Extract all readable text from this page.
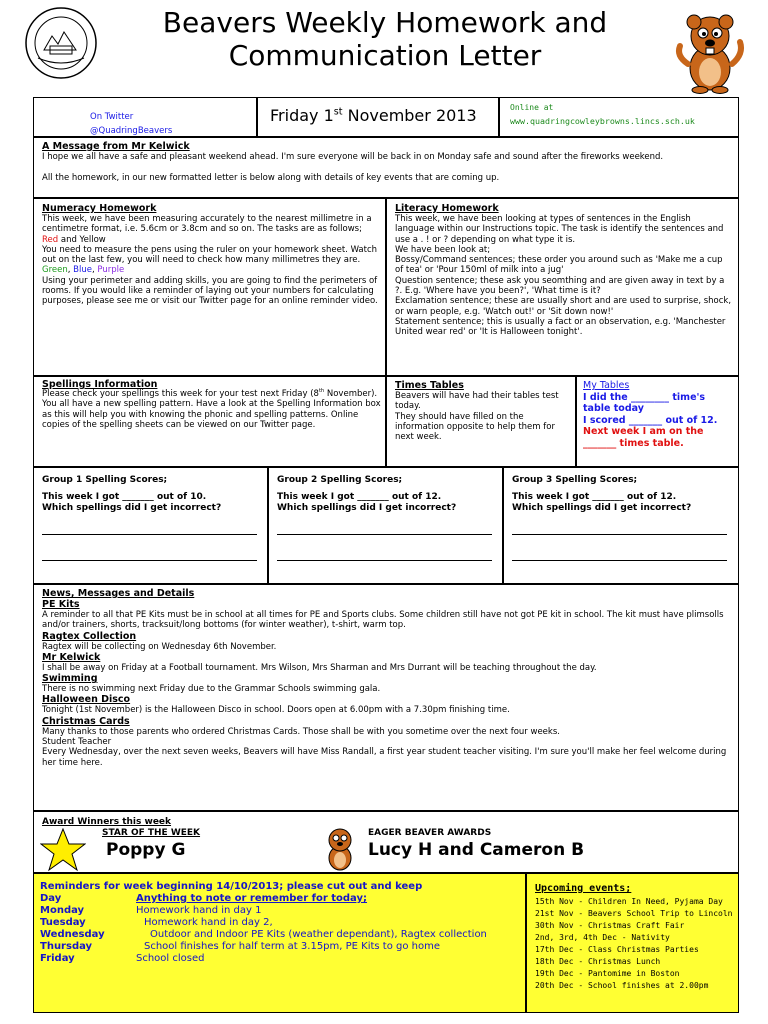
Beavers Weekly Homework and
Communication Letter
On Twitter
@QuadringBeavers
Friday 1st November 2013	Online at
www.quadringcowleybrowns.lincs.sch.uk
A Message from Mr Kelwick
I hope we all have a safe and pleasant weekend ahead. I'm sure everyone will be back in on Monday safe and sound after the fireworks weekend.
All the homework, in our new formatted letter is below along with details of key events that are coming up.
Numeracy Homework
This week, we have been measuring accurately to the nearest millimetre in a centimetre format, i.e. 5.6cm or 3.8cm and so on. The tasks are as follows;
Red and Yellow
You need to measure the pens using the ruler on your homework sheet. Watch out on the last few, you will need to check how many millimetres they are.
Green, Blue, Purple
Using your perimeter and adding skills, you are going to find the perimeters of rooms. If you would like a reminder of laying out your numbers for calculating purposes, please see me or visit our Twitter page for an online reminder video.
Literacy Homework
This week, we have been looking at types of sentences in the English language within our Instructions topic. The task is identify the sentences and use a . ! or ? depending on what type it is.
We have been look at;
Bossy/Command sentences; these order you around such as 'Make me a cup of tea' or 'Pour 150ml of milk into a jug'
Question sentence; these ask you seomthing and are given away in text by a ?. E.g. 'Where have you been?', 'What time is it?
Exclamation sentence; these are usually short and are used to surprise, shock, or warn people, e.g. 'Watch out!' or 'Sit down now!'
Statement sentence; this is usually a fact or an observation, e.g. 'Manchester United wear red' or 'It is Halloween tonight'.
Spellings Information
Please check your spellings this week for your test next Friday (8th November). You all have a new spelling pattern. Have a look at the Spelling Information box as this will help you with knowing the phonic and spelling patterns. Online copies of the spelling sheets can be viewed on our Twitter page.
Times Tables
Beavers will have had their tables test today.
They should have filled on the information opposite to help them for next week.
My Tables
I did the ________ time's
table today
I scored _______ out of 12.
Next week I am on the
_______ times table.
Group 1 Spelling Scores;
This week I got _______ out of 10.
Which spellings did I get incorrect?
Group 2 Spelling Scores;
This week I got _______ out of 12.
Which spellings did I get incorrect?
Group 3 Spelling Scores;
This week I got _______ out of 12.
Which spellings did I get incorrect?
News, Messages and Details
PE Kits
A reminder to all that PE Kits must be in school at all times for PE and Sports clubs. Some children still have not got PE kit in school. The kit must have plimsolls and/or trainers, shorts, tracksuit/long bottoms (for winter weather), t-shirt, warm top.
Ragtex Collection
Ragtex will be collecting on Wednesday 6th November.
Mr Kelwick
I shall be away on Friday at a Football tournament. Mrs Wilson, Mrs Sharman and Mrs Durrant will be teaching throughout the day.
Swimming
There is no swimming next Friday due to the Grammar Schools swimming gala.
Halloween Disco
Tonight (1st November) is the Halloween Disco in school. Doors open at 6.00pm with a 7.30pm finishing time.
Christmas Cards
Many thanks to those parents who ordered Christmas Cards. Those shall be with you sometime over the next four weeks.
Student Teacher
Every Wednesday, over the next seven weeks, Beavers will have Miss Randall, a first year student teacher visiting. I'm sure you'll make her feel welcome during her time here.
Award Winners this week
STAR OF THE WEEK
Poppy G
EAGER BEAVER AWARDS
Lucy H and Cameron B
Reminders for week beginning 14/10/2013; please cut out and keep
Day	Anything to note or remember for today;
Monday	Homework hand in day 1
Tuesday	Homework hand in day 2,
Wednesday	Outdoor and Indoor PE Kits (weather dependant), Ragtex collection
Thursday	School finishes for half term at 3.15pm, PE Kits to go home
Friday	School closed
Upcoming events;
15th Nov - Children In Need, Pyjama Day
21st Nov - Beavers School Trip to Lincoln
30th Nov - Christmas Craft Fair
2nd, 3rd, 4th Dec - Nativity
17th Dec - Class Christmas Parties
18th Dec - Christmas Lunch
19th Dec - Pantomime in Boston
20th Dec - School finishes at 2.00pm
